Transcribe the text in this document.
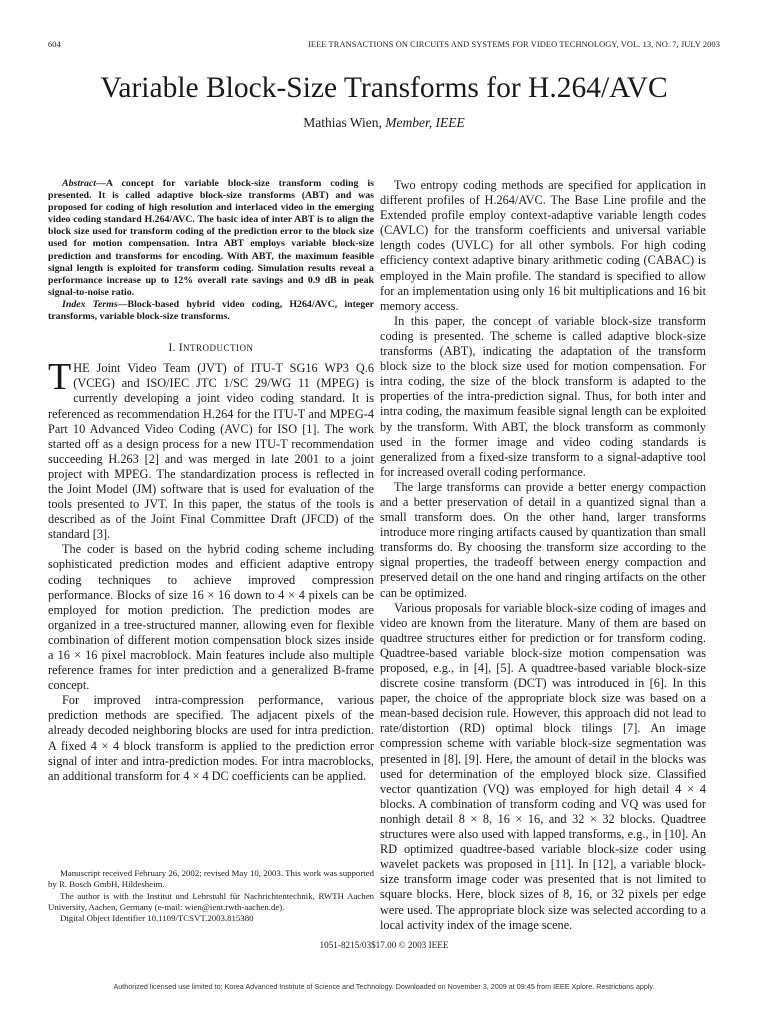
604	IEEE TRANSACTIONS ON CIRCUITS AND SYSTEMS FOR VIDEO TECHNOLOGY, VOL. 13, NO. 7, JULY 2003
Variable Block-Size Transforms for H.264/AVC
Mathias Wien, Member, IEEE

Abstract—A concept for variable block-size transform coding is presented. It is called adaptive block-size transforms (ABT) and was proposed for coding of high resolution and interlaced video in the emerging video coding standard H.264/AVC. The basic idea of inter ABT is to align the block size used for transform coding of the prediction error to the block size used for motion compensation. Intra ABT employs variable block-size prediction and transforms for encoding. With ABT, the maximum feasible signal length is exploited for transform coding. Simulation results reveal a performance increase up to 12% overall rate savings and 0.9 dB in peak signal-to-noise ratio.

Index Terms—Block-based hybrid video coding, H264/AVC, integer transforms, variable block-size transforms.

I. INTRODUCTION

THE Joint Video Team (JVT) of ITU-T SG16 WP3 Q.6 (VCEG) and ISO/IEC JTC 1/SC 29/WG 11 (MPEG) is currently developing a joint video coding standard. It is referenced as recommendation H.264 for the ITU-T and MPEG-4 Part 10 Advanced Video Coding (AVC) for ISO [1]. The work started off as a design process for a new ITU-T recommendation succeeding H.263 [2] and was merged in late 2001 to a joint project with MPEG. The standardization process is reflected in the Joint Model (JM) software that is used for evaluation of the tools presented to JVT. In this paper, the status of the tools is described as of the Joint Final Committee Draft (JFCD) of the standard [3].

The coder is based on the hybrid coding scheme including sophisticated prediction modes and efficient adaptive entropy coding techniques to achieve improved compression performance. Blocks of size 16 × 16 down to 4 × 4 pixels can be employed for motion prediction. The prediction modes are organized in a tree-structured manner, allowing even for flexible combination of different motion compensation block sizes inside a 16 × 16 pixel macroblock. Main features include also multiple reference frames for inter prediction and a generalized B-frame concept.

For improved intra-compression performance, various prediction methods are specified. The adjacent pixels of the already decoded neighboring blocks are used for intra prediction. A fixed 4 × 4 block transform is applied to the prediction error signal of inter and intra-prediction modes. For intra macroblocks, an additional transform for 4 × 4 DC coefficients can be applied.

Two entropy coding methods are specified for application in different profiles of H.264/AVC. The Base Line profile and the Extended profile employ context-adaptive variable length codes (CAVLC) for the transform coefficients and universal variable length codes (UVLC) for all other symbols. For high coding efficiency context adaptive binary arithmetic coding (CABAC) is employed in the Main profile. The standard is specified to allow for an implementation using only 16 bit multiplications and 16 bit memory access.

In this paper, the concept of variable block-size transform coding is presented. The scheme is called adaptive block-size transforms (ABT), indicating the adaptation of the transform block size to the block size used for motion compensation. For intra coding, the size of the block transform is adapted to the properties of the intra-prediction signal. Thus, for both inter and intra coding, the maximum feasible signal length can be exploited by the transform. With ABT, the block transform as commonly used in the former image and video coding standards is generalized from a fixed-size transform to a signal-adaptive tool for increased overall coding performance.

The large transforms can provide a better energy compaction and a better preservation of detail in a quantized signal than a small transform does. On the other hand, larger transforms introduce more ringing artifacts caused by quantization than small transforms do. By choosing the transform size according to the signal properties, the tradeoff between energy compaction and preserved detail on the one hand and ringing artifacts on the other can be optimized.

Various proposals for variable block-size coding of images and video are known from the literature. Many of them are based on quadtree structures either for prediction or for transform coding. Quadtree-based variable block-size motion compensation was proposed, e.g., in [4], [5]. A quadtree-based variable block-size discrete cosine transform (DCT) was introduced in [6]. In this paper, the choice of the appropriate block size was based on a mean-based decision rule. However, this approach did not lead to rate/distortion (RD) optimal block tilings [7]. An image compression scheme with variable block-size segmentation was presented in [8], [9]. Here, the amount of detail in the blocks was used for determination of the employed block size. Classified vector quantization (VQ) was employed for high detail 4 × 4 blocks. A combination of transform coding and VQ was used for nonhigh detail 8 × 8, 16 × 16, and 32 × 32 blocks. Quadtree structures were also used with lapped transforms, e.g., in [10]. An RD optimized quadtree-based variable block-size coder using wavelet packets was proposed in [11]. In [12], a variable block-size transform image coder was presented that is not limited to square blocks. Here, block sizes of 8, 16, or 32 pixels per edge were used. The appropriate block size was selected according to a local activity index of the image scene.

Manuscript received February 26, 2002; revised May 10, 2003. This work was supported by R. Bosch GmbH, Hildesheim.

The author is with the Institut und Lehrstuhl für Nachrichtentechnik, RWTH Aachen University, Aachen, Germany (e-mail: wien@ient.rwth-aachen.de).

Digital Object Identifier 10.1109/TCSVT.2003.815380

1051-8215/03$17.00 © 2003 IEEE
Authorized licensed use limited to: Korea Advanced Institute of Science and Technology. Downloaded on November 3, 2009 at 09:45 from IEEE Xplore. Restrictions apply.
